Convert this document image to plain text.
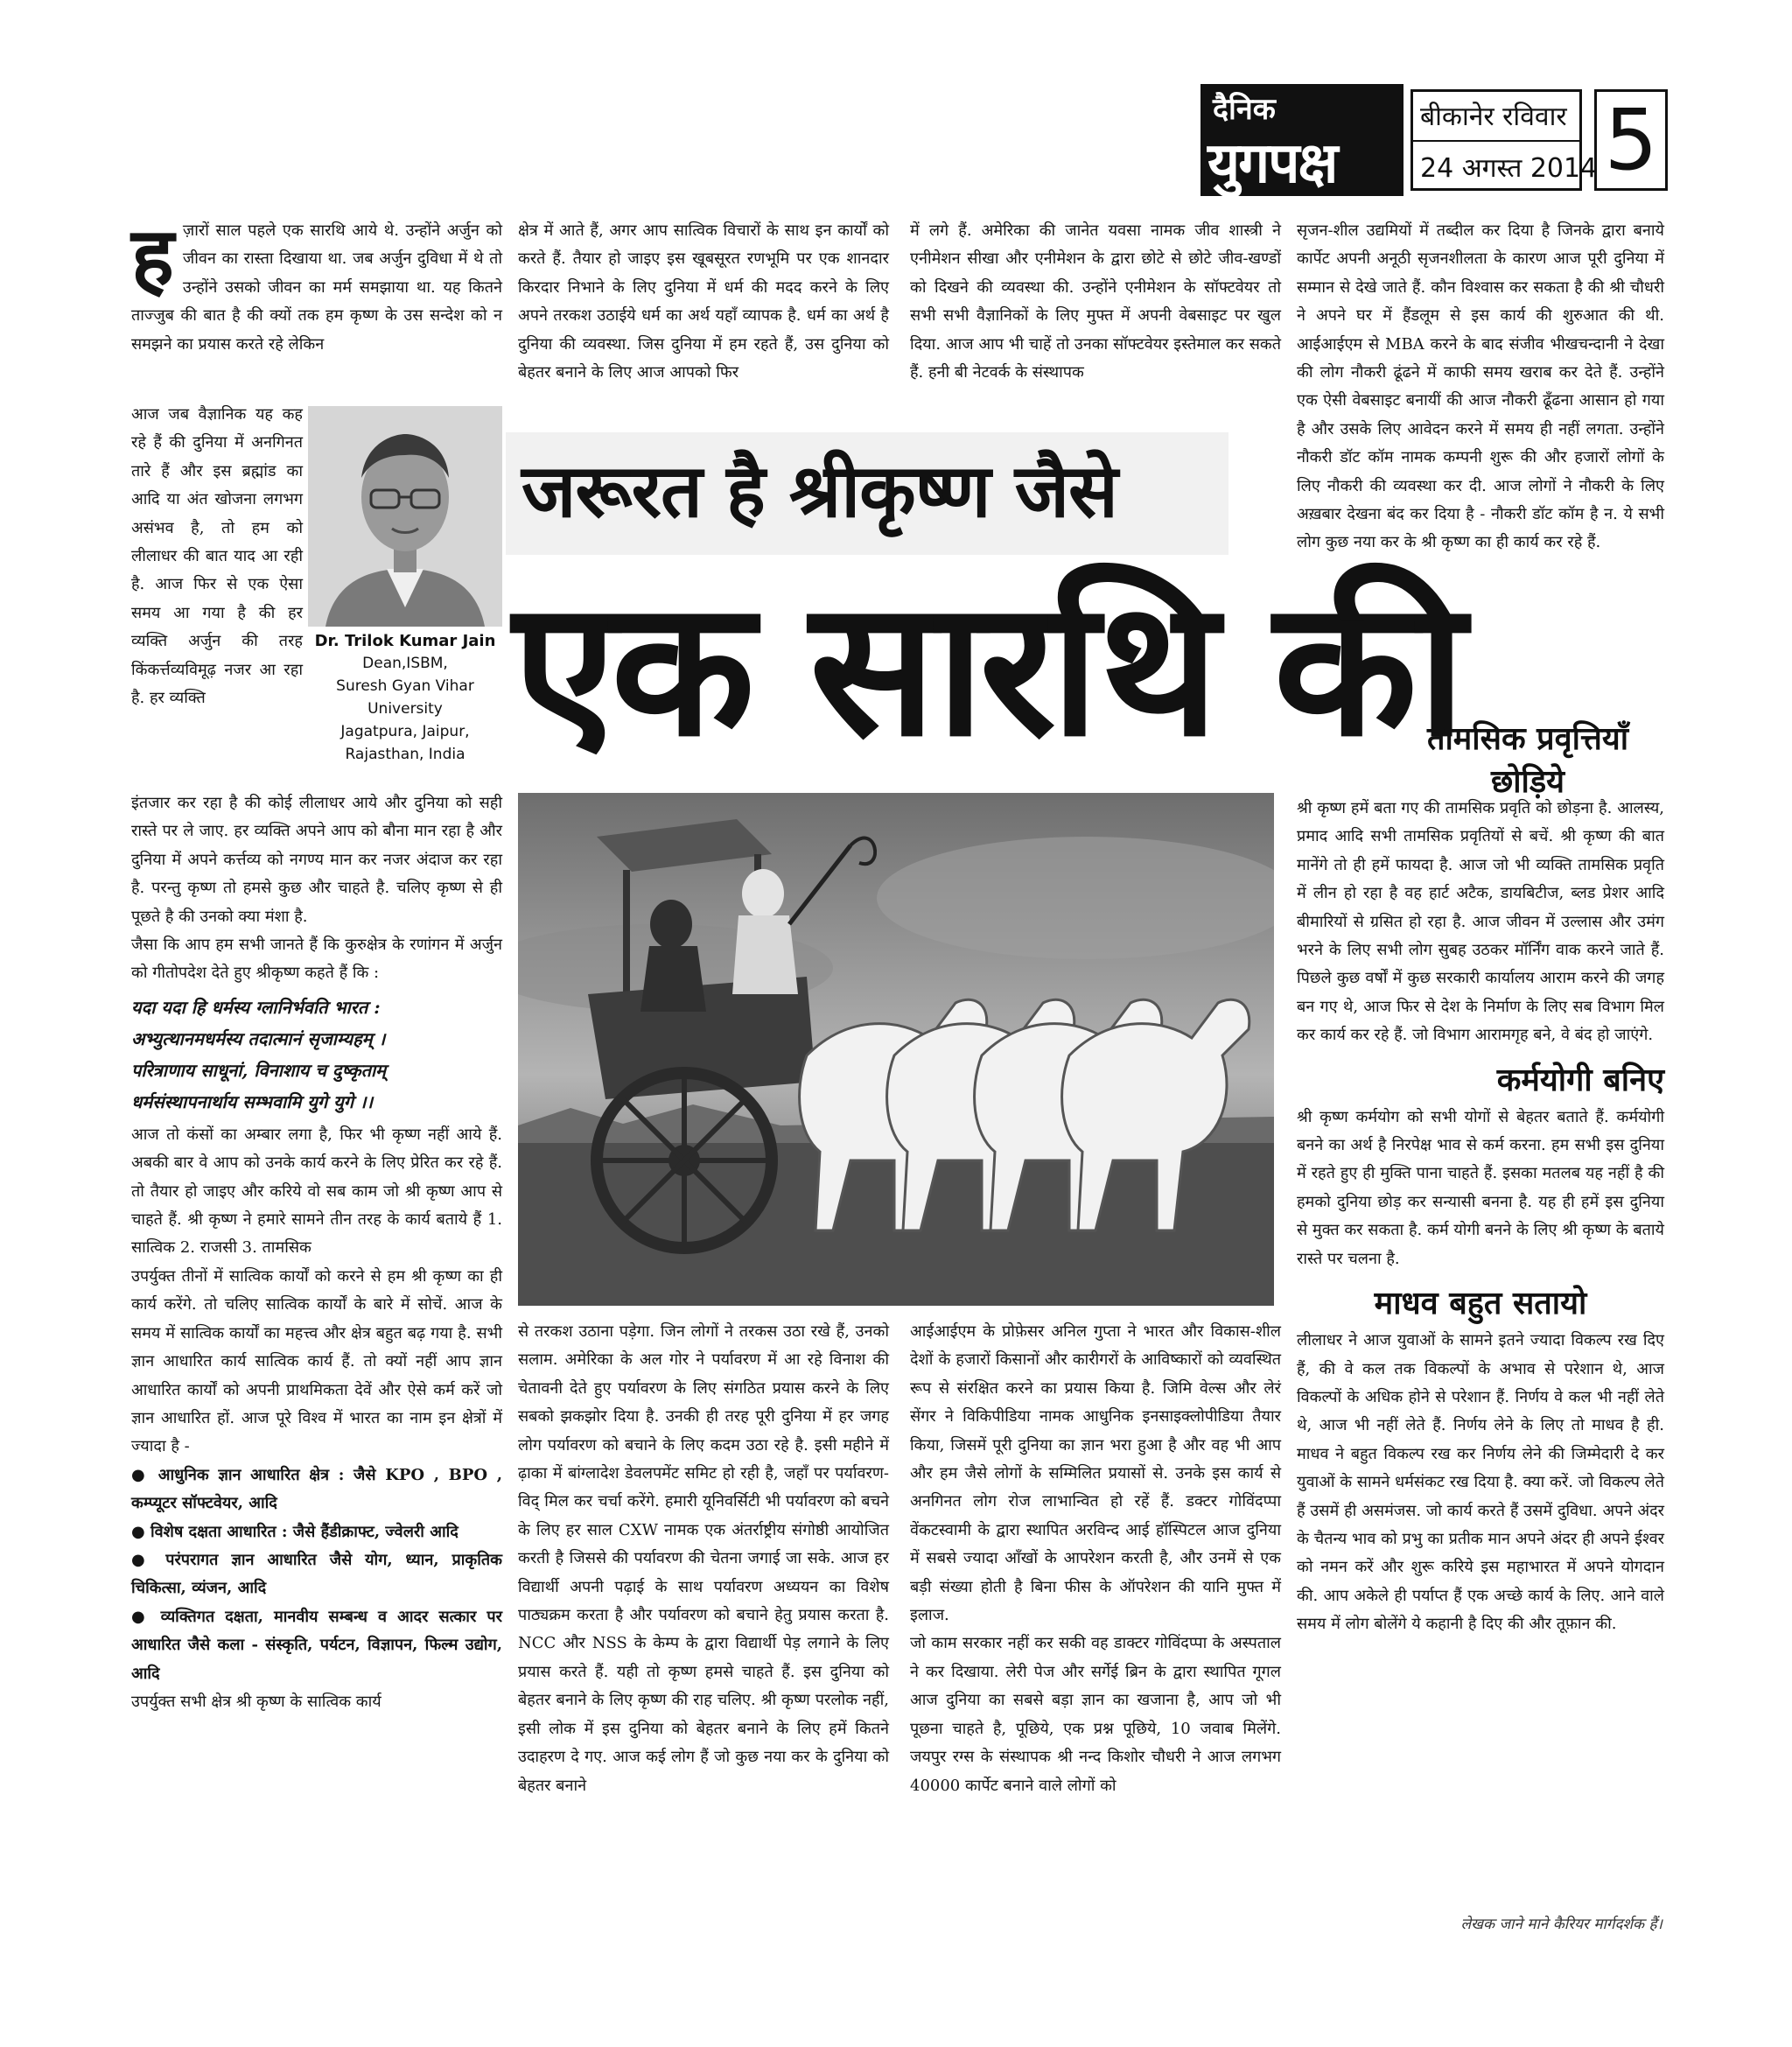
दैनिक
युगपक्ष
बीकानेर रविवार
24 अगस्त 2014 5
ह ज़ारों साल पहले एक सारथि आये थे. उन्होंने अर्जुन को जीवन का रास्ता दिखाया था. जब अर्जुन दुविधा में थे तो उन्होंने उसको जीवन का मर्म समझाया था. यह कितने ताज्जुब की बात है की क्यों तक हम कृष्ण के उस सन्देश को न समझने का प्रयास करते रहे लेकिन

आज जब वैज्ञानिक यह कह रहे हैं की दुनिया में अनगिनत तारे हैं और इस ब्रह्मांड का आदि या अंत खोजना लगभग असंभव है, तो हम को लीलाधर की बात याद आ रही है. आज फिर से एक ऐसा समय आ गया है की हर व्यक्ति अर्जुन की तरह किंकर्त्तव्यविमूढ़ नजर आ रहा है. हर व्यक्ति

Dr. Trilok Kumar Jain
Dean,ISBM,
Suresh Gyan Vihar
University
Jagatpura, Jaipur,
Rajasthan, India

इंतजार कर रहा है की कोई लीलाधर आये और दुनिया को सही रास्ते पर ले जाए. हर व्यक्ति अपने आप को बौना मान रहा है और दुनिया में अपने कर्त्तव्य को नगण्य मान कर नजर अंदाज कर रहा है. परन्तु कृष्ण तो हमसे कुछ और चाहते है. चलिए कृष्ण से ही पूछते है की उनको क्या मंशा है.

जैसा कि आप हम सभी जानते हैं कि कुरुक्षेत्र के रणांगन में अर्जुन को गीतोपदेश देते हुए श्रीकृष्ण कहते हैं कि :

यदा यदा हि धर्मस्य ग्लानिर्भवति भारत :
अभ्युत्थानमधर्मस्य तदात्मानं सृजाम्यहम् ।
परित्राणाय साधूनां, विनाशाय च दुष्कृताम्
धर्मसंस्थापनार्थाय सम्भवामि युगे युगे ।।

आज तो कंसों का अम्बार लगा है, फिर भी कृष्ण नहीं आये हैं. अबकी बार वे आप को उनके कार्य करने के लिए प्रेरित कर रहे हैं. तो तैयार हो जाइए और करिये वो सब काम जो श्री कृष्ण आप से चाहते हैं. श्री कृष्ण ने हमारे सामने तीन तरह के कार्य बताये हैं 1. सात्विक 2. राजसी 3. तामसिक

उपर्युक्त तीनों में सात्विक कार्यों को करने से हम श्री कृष्ण का ही कार्य करेंगे. तो चलिए सात्विक कार्यों के बारे में सोचें. आज के समय में सात्विक कार्यों का महत्त्व और क्षेत्र बहुत बढ़ गया है. सभी ज्ञान आधारित कार्य सात्विक कार्य हैं. तो क्यों नहीं आप ज्ञान आधारित कार्यों को अपनी प्राथमिकता देवें और ऐसे कर्म करें जो ज्ञान आधारित हों. आज पूरे विश्व में भारत का नाम इन क्षेत्रों में ज्यादा है -

● आधुनिक ज्ञान आधारित क्षेत्र : जैसे KPO , BPO , कम्प्यूटर सॉफ्टवेयर, आदि

● विशेष दक्षता आधारित : जैसे हैंडीक्राफ्ट, ज्वेलरी आदि

● परंपरागत ज्ञान आधारित जैसे योग, ध्यान, प्राकृतिक चिकित्सा, व्यंजन, आदि

● व्यक्तिगत दक्षता, मानवीय सम्बन्ध व आदर सत्कार पर आधारित जैसे कला - संस्कृति, पर्यटन, विज्ञापन, फिल्म उद्योग, आदि

उपर्युक्त सभी क्षेत्र श्री कृष्ण के सात्विक कार्य

क्षेत्र में आते हैं, अगर आप सात्विक विचारों के साथ इन कार्यों को करते हैं. तैयार हो जाइए इस खूबसूरत रणभूमि पर एक शानदार किरदार निभाने के लिए दुनिया में धर्म की मदद करने के लिए अपने तरकश उठाईये धर्म का अर्थ यहाँ व्यापक है. धर्म का अर्थ है दुनिया की व्यवस्था. जिस दुनिया में हम रहते हैं, उस दुनिया को बेहतर बनाने के लिए आज आपको फिर

जरूरत है श्रीकृष्ण जैसे
एक सारथि की

से तरकश उठाना पड़ेगा. जिन लोगों ने तरकस उठा रखे हैं, उनको सलाम. अमेरिका के अल गोर ने पर्यावरण में आ रहे विनाश की चेतावनी देते हुए पर्यावरण के लिए संगठित प्रयास करने के लिए सबको झकझोर दिया है. उनकी ही तरह पूरी दुनिया में हर जगह लोग पर्यावरण को बचाने के लिए कदम उठा रहे है. इसी महीने में ढ़ाका में बांग्लादेश डेवलपमेंट समिट हो रही है, जहाँ पर पर्यावरण-विद् मिल कर चर्चा करेंगे. हमारी यूनिवर्सिटी भी पर्यावरण को बचने के लिए हर साल CXW नामक एक अंतर्राष्ट्रीय संगोष्ठी आयोजित करती है जिससे की पर्यावरण की चेतना जगाई जा सके. आज हर विद्यार्थी अपनी पढ़ाई के साथ पर्यावरण अध्ययन का विशेष पाठ्यक्रम करता है और पर्यावरण को बचाने हेतु प्रयास करता है. NCC और NSS के केम्प के द्वारा विद्यार्थी पेड़ लगाने के लिए प्रयास करते हैं. यही तो कृष्ण हमसे चाहते हैं. इस दुनिया को बेहतर बनाने के लिए कृष्ण की राह चलिए. श्री कृष्ण परलोक नहीं, इसी लोक में इस दुनिया को बेहतर बनाने के लिए हमें कितने उदाहरण दे गए. आज कई लोग हैं जो कुछ नया कर के दुनिया को बेहतर बनाने

में लगे हैं. अमेरिका की जानेत यवसा नामक जीव शास्त्री ने एनीमेशन सीखा और एनीमेशन के द्वारा छोटे से छोटे जीव-खण्डों को दिखने की व्यवस्था की. उन्होंने एनीमेशन के सॉफ्टवेयर तो सभी सभी वैज्ञानिकों के लिए मुफ्त में अपनी वेबसाइट पर खुल दिया. आज आप भी चाहें तो उनका सॉफ्टवेयर इस्तेमाल कर सकते हैं. हनी बी नेटवर्क के संस्थापक

आईआईएम के प्रोफ़ेसर अनिल गुप्ता ने भारत और विकास-शील देशों के हजारों किसानों और कारीगरों के आविष्कारों को व्यवस्थित रूप से संरक्षित करने का प्रयास किया है. जिमि वेल्स और लेरं सेंगर ने विकिपीडिया नामक आधुनिक इनसाइक्लोपीडिया तैयार किया, जिसमें पूरी दुनिया का ज्ञान भरा हुआ है और वह भी आप और हम जैसे लोगों के सम्मिलित प्रयासों से. उनके इस कार्य से अनगिनत लोग रोज लाभान्वित हो रहें हैं. डक्टर गोविंदप्पा वेंकटस्वामी के द्वारा स्थापित अरविन्द आई हॉस्पिटल आज दुनिया में सबसे ज्यादा आँखों के आपरेशन करती है, और उनमें से एक बड़ी संख्या होती है बिना फीस के ऑपरेशन की यानि मुफ्त में इलाज.

जो काम सरकार नहीं कर सकी वह डाक्टर गोविंदप्पा के अस्पताल ने कर दिखाया. लेरी पेज और सर्गेई ब्रिन के द्वारा स्थापित गूगल आज दुनिया का सबसे बड़ा ज्ञान का खजाना है, आप जो भी पूछना चाहते है, पूछिये, एक प्रश्न पूछिये, 10 जवाब मिलेंगे. जयपुर रग्स के संस्थापक श्री नन्द किशोर चौधरी ने आज लगभग 40000 कार्पेट बनाने वाले लोगों को

सृजन-शील उद्यमियों में तब्दील कर दिया है जिनके द्वारा बनाये कार्पेट अपनी अनूठी सृजनशीलता के कारण आज पूरी दुनिया में सम्मान से देखे जाते हैं. कौन विश्वास कर सकता है की श्री चौधरी ने अपने घर में हैंडलूम से इस कार्य की शुरुआत की थी. आईआईएम से MBA करने के बाद संजीव भीखचन्दानी ने देखा की लोग नौकरी ढूंढने में काफी समय खराब कर देते हैं. उन्होंने एक ऐसी वेबसाइट बनायीं की आज नौकरी ढूँढना आसान हो गया है और उसके लिए आवेदन करने में समय ही नहीं लगता. उन्होंने नौकरी डॉट कॉम नामक कम्पनी शुरू की और हजारों लोगों के लिए नौकरी की व्यवस्था कर दी. आज लोगों ने नौकरी के लिए अख़बार देखना बंद कर दिया है - नौकरी डॉट कॉम है न. ये सभी लोग कुछ नया कर के श्री कृष्ण का ही कार्य कर रहे हैं.

तामसिक प्रवृत्तियाँ छोड़िये

श्री कृष्ण हमें बता गए की तामसिक प्रवृति को छोड़ना है. आलस्य, प्रमाद आदि सभी तामसिक प्रवृतियों से बचें. श्री कृष्ण की बात मानेंगे तो ही हमें फायदा है. आज जो भी व्यक्ति तामसिक प्रवृति में लीन हो रहा है वह हार्ट अटैक, डायबिटीज, ब्लड प्रेशर आदि बीमारियों से ग्रसित हो रहा है. आज जीवन में उल्लास और उमंग भरने के लिए सभी लोग सुबह उठकर मॉर्निंग वाक करने जाते हैं. पिछले कुछ वर्षों में कुछ सरकारी कार्यालय आराम करने की जगह बन गए थे, आज फिर से देश के निर्माण के लिए सब विभाग मिल कर कार्य कर रहे हैं. जो विभाग आरामगृह बने, वे बंद हो जाएंगे.

कर्मयोगी बनिए

श्री कृष्ण कर्मयोग को सभी योगों से बेहतर बताते हैं. कर्मयोगी बनने का अर्थ है निरपेक्ष भाव से कर्म करना. हम सभी इस दुनिया में रहते हुए ही मुक्ति पाना चाहते हैं. इसका मतलब यह नहीं है की हमको दुनिया छोड़ कर सन्यासी बनना है. यह ही हमें इस दुनिया से मुक्त कर सकता है. कर्म योगी बनने के लिए श्री कृष्ण के बताये रास्ते पर चलना है.

माधव बहुत सतायो

लीलाधर ने आज युवाओं के सामने इतने ज्यादा विकल्प रख दिए हैं, की वे कल तक विकल्पों के अभाव से परेशान थे, आज विकल्पों के अधिक होने से परेशान हैं. निर्णय वे कल भी नहीं लेते थे, आज भी नहीं लेते हैं. निर्णय लेने के लिए तो माधव है ही. माधव ने बहुत विकल्प रख कर निर्णय लेने की जिम्मेदारी दे कर युवाओं के सामने धर्मसंकट रख दिया है. क्या करें. जो विकल्प लेते हैं उसमें ही असमंजस. जो कार्य करते हैं उसमें दुविधा. अपने अंदर के चैतन्य भाव को प्रभु का प्रतीक मान अपने अंदर ही अपने ईश्वर को नमन करें और शुरू करिये इस महाभारत में अपने योगदान की. आप अकेले ही पर्याप्त हैं एक अच्छे कार्य के लिए. आने वाले समय में लोग बोलेंगे ये कहानी है दिए की और तूफ़ान की.

लेखक जाने माने कैरियर मार्गदर्शक हैं।
